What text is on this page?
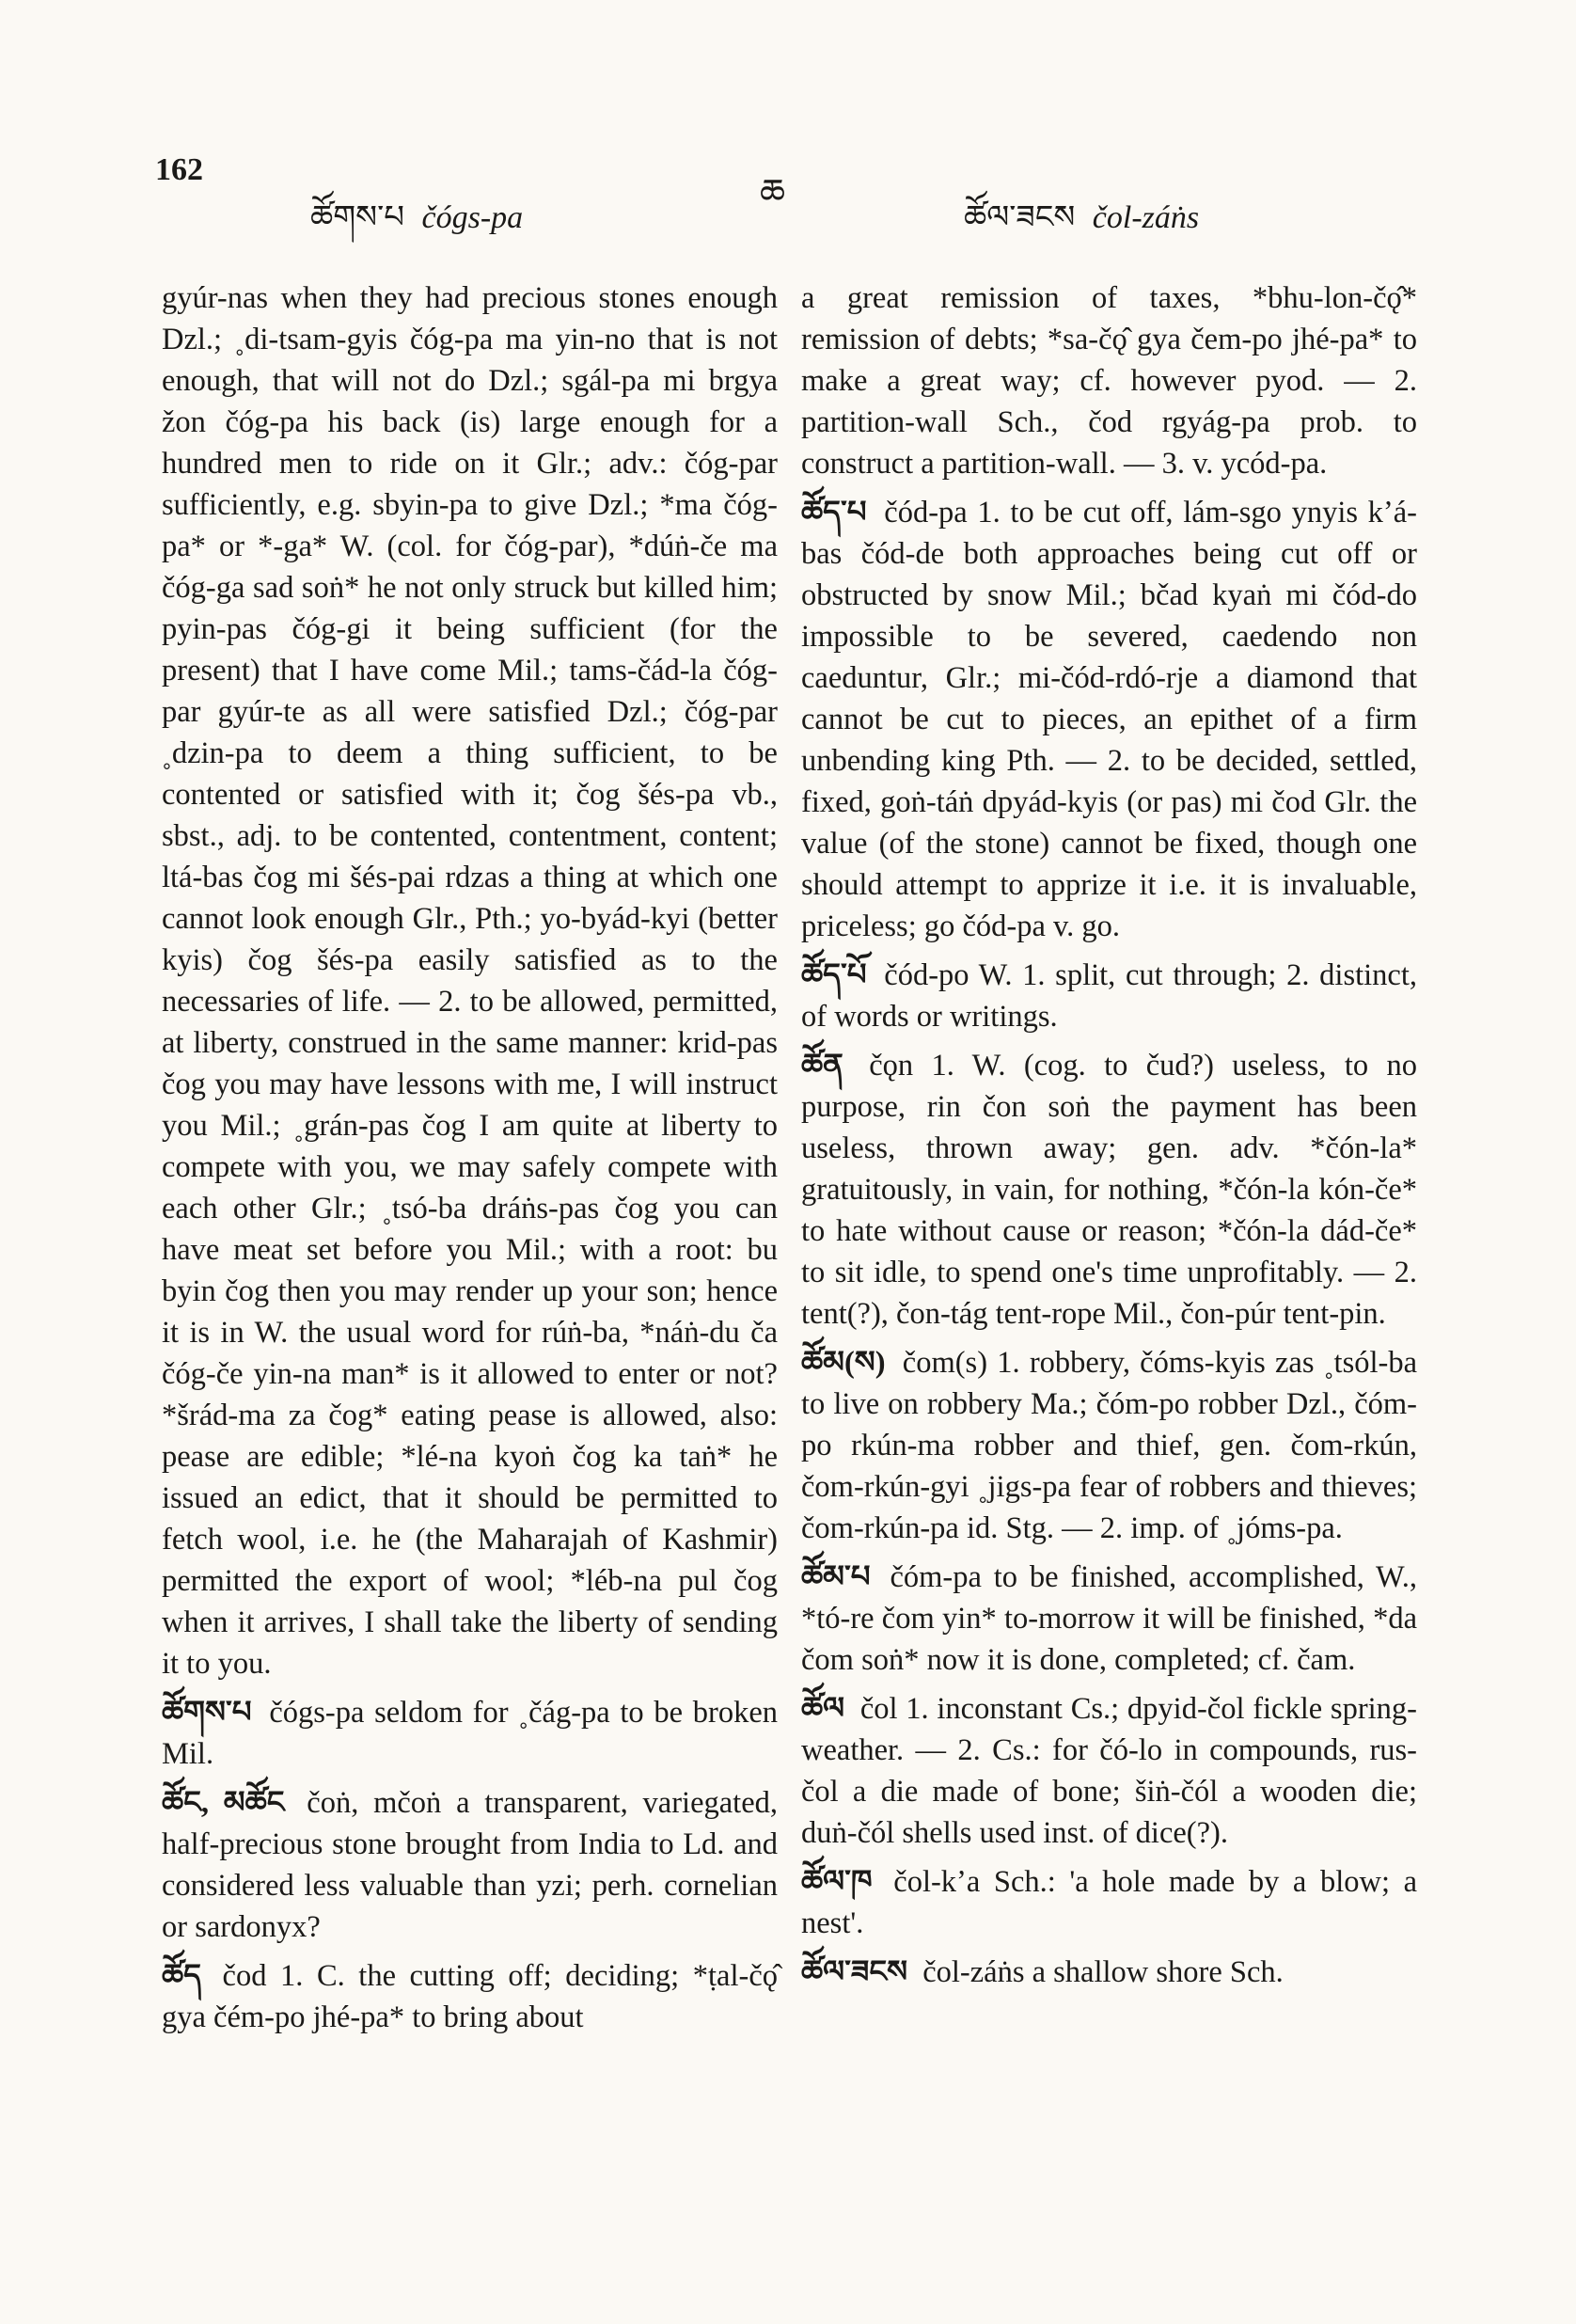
162
ཚོགས་པ čógs-pa
ཆ
ཚོལ་ཟངས čol-záṅs

gyúr-nas when they had precious stones enough Dzl.; ˳di-tsam-gyis čóg-pa ma yin-no that is not enough, that will not do Dzl.; sgál-pa mi brgya žon čóg-pa his back (is) large enough for a hundred men to ride on it Glr.; adv.: čóg-par sufficiently, e.g. sbyin-pa to give Dzl.; *ma čóg-pa* or *-ga* W. (col. for čóg-par), *dúṅ-če ma čóg-ga sad soṅ* he not only struck but killed him; pyin-pas čóg-gi it being sufficient (for the present) that I have come Mil.; tams-čád-la čóg-par gyúr-te as all were satisfied Dzl.; čóg-par ˳dzin-pa to deem a thing sufficient, to be contented or satisfied with it; čog šés-pa vb., sbst., adj. to be contented, contentment, content; ltá-bas čog mi šés-pai rdzas a thing at which one cannot look enough Glr., Pth.; yo-byád-kyi (better kyis) čog šés-pa easily satisfied as to the necessaries of life. — 2. to be allowed, permitted, at liberty, construed in the same manner: krid-pas čog you may have lessons with me, I will instruct you Mil.; ˳grán-pas čog I am quite at liberty to compete with you, we may safely compete with each other Glr.; ˳tsó-ba dráṅs-pas čog you can have meat set before you Mil.; with a root: bu byin čog then you may render up your son; hence it is in W. the usual word for rúṅ-ba, *náṅ-du ča čóg-če yin-na man* is it allowed to enter or not? *šrád-ma za čog* eating pease is allowed, also: pease are edible; *lé-na kyoṅ čog ka taṅ* he issued an edict, that it should be permitted to fetch wool, i.e. he (the Maharajah of Kashmir) permitted the export of wool; *léb-na pul čog when it arrives, I shall take the liberty of sending it to you.

ཚོགས་པ čógs-pa seldom for ˳čág-pa to be broken Mil.

ཚོང, མཚོང čoṅ, mčoṅ a transparent, variegated, half-precious stone brought from India to Ld. and considered less valuable than yzi; perh. cornelian or sardonyx?

ཚོད čod 1. C. the cutting off; deciding; *ṭal-čǫ̂ gya čém-po jhé-pa* to bring about

a great remission of taxes, *bhu-lon-čǫ̂* remission of debts; *sa-čǫ̂ gya čem-po jhé-pa* to make a great way; cf. however pyod. — 2. partition-wall Sch., čod rgyág-pa prob. to construct a partition-wall. — 3. v. ycód-pa.

ཚོད་པ čód-pa 1. to be cut off, lám-sgo ynyis kʼá-bas čód-de both approaches being cut off or obstructed by snow Mil.; bčad kyaṅ mi čód-do impossible to be severed, caedendo non caeduntur, Glr.; mi-čód-rdó-rje a diamond that cannot be cut to pieces, an epithet of a firm unbending king Pth. — 2. to be decided, settled, fixed, goṅ-táṅ dpyád-kyis (or pas) mi čod Glr. the value (of the stone) cannot be fixed, though one should attempt to apprize it i.e. it is invaluable, priceless; go čód-pa v. go.

ཚོད་པོ čód-po W. 1. split, cut through; 2. distinct, of words or writings.

ཚོན čǫn 1. W. (cog. to čud?) useless, to no purpose, rin čon soṅ the payment has been useless, thrown away; gen. adv. *čón-la* gratuitously, in vain, for nothing, *čón-la kón-če* to hate without cause or reason; *čón-la dád-če* to sit idle, to spend one's time unprofitably. — 2. tent(?), čon-tág tent-rope Mil., čon-púr tent-pin.

ཚོམ(ས) čom(s) 1. robbery, čóms-kyis zas ˳tsól-ba to live on robbery Ma.; čóm-po robber Dzl., čóm-po rkún-ma robber and thief, gen. čom-rkún, čom-rkún-gyi ˳jigs-pa fear of robbers and thieves; čom-rkún-pa id. Stg. — 2. imp. of ˳jóms-pa.

ཚོམ་པ čóm-pa to be finished, accomplished, W., *tó-re čom yin* to-morrow it will be finished, *da čom soṅ* now it is done, completed; cf. čam.

ཚོལ čol 1. inconstant Cs.; dpyid-čol fickle spring-weather. — 2. Cs.: for čó-lo in compounds, rus-čol a die made of bone; šiṅ-čól a wooden die; duṅ-čól shells used inst. of dice(?).

ཚོལ་ཁ čol-kʼa Sch.: 'a hole made by a blow; a nest'.

ཚོལ་ཟངས čol-záṅs a shallow shore Sch.
